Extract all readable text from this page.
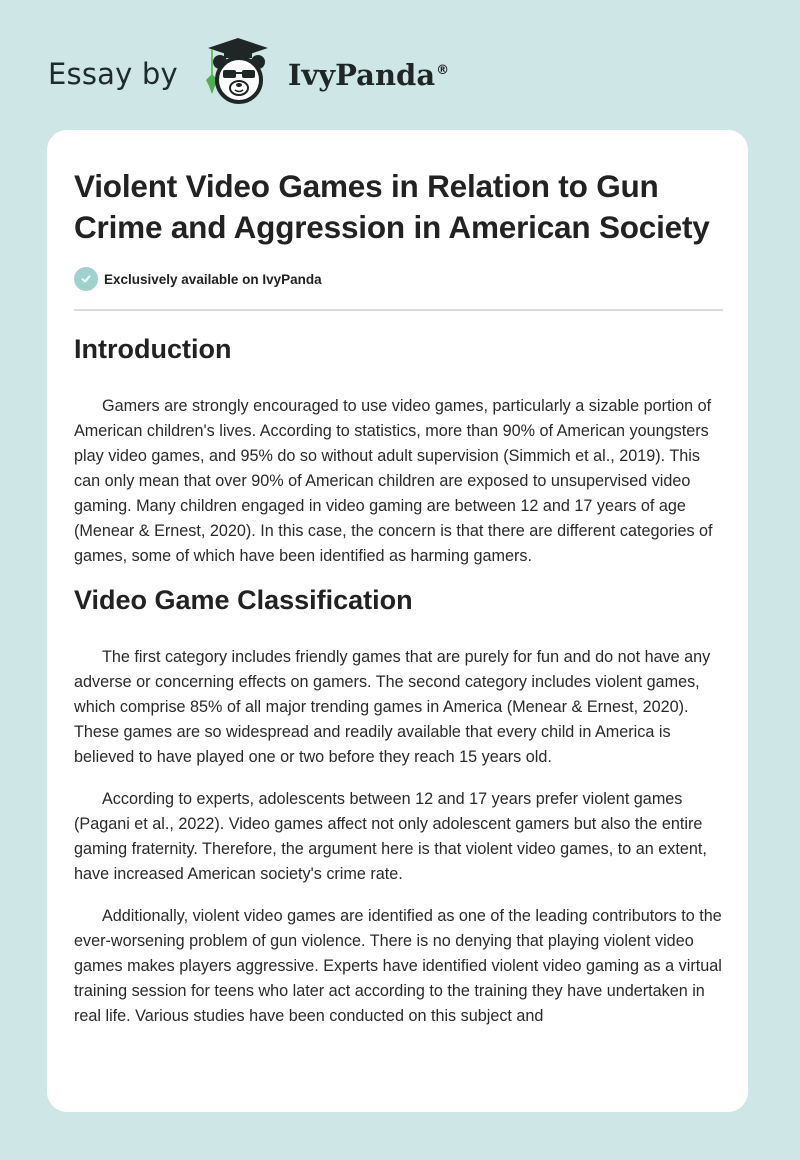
Essay by	IvyPanda®
Violent Video Games in Relation to Gun Crime and Aggression in American Society
Exclusively available on IvyPanda
Introduction

Gamers are strongly encouraged to use video games, particularly a sizable portion of American children's lives. According to statistics, more than 90% of American youngsters play video games, and 95% do so without adult supervision (Simmich et al., 2019). This can only mean that over 90% of American children are exposed to unsupervised video gaming. Many children engaged in video gaming are between 12 and 17 years of age (Menear & Ernest, 2020). In this case, the concern is that there are different categories of games, some of which have been identified as harming gamers.

Video Game Classification

The first category includes friendly games that are purely for fun and do not have any adverse or concerning effects on gamers. The second category includes violent games, which comprise 85% of all major trending games in America (Menear & Ernest, 2020). These games are so widespread and readily available that every child in America is believed to have played one or two before they reach 15 years old.

According to experts, adolescents between 12 and 17 years prefer violent games (Pagani et al., 2022). Video games affect not only adolescent gamers but also the entire gaming fraternity. Therefore, the argument here is that violent video games, to an extent, have increased American society's crime rate.

Additionally, violent video games are identified as one of the leading contributors to the ever-worsening problem of gun violence. There is no denying that playing violent video games makes players aggressive. Experts have identified violent video gaming as a virtual training session for teens who later act according to the training they have undertaken in real life. Various studies have been conducted on this subject and
